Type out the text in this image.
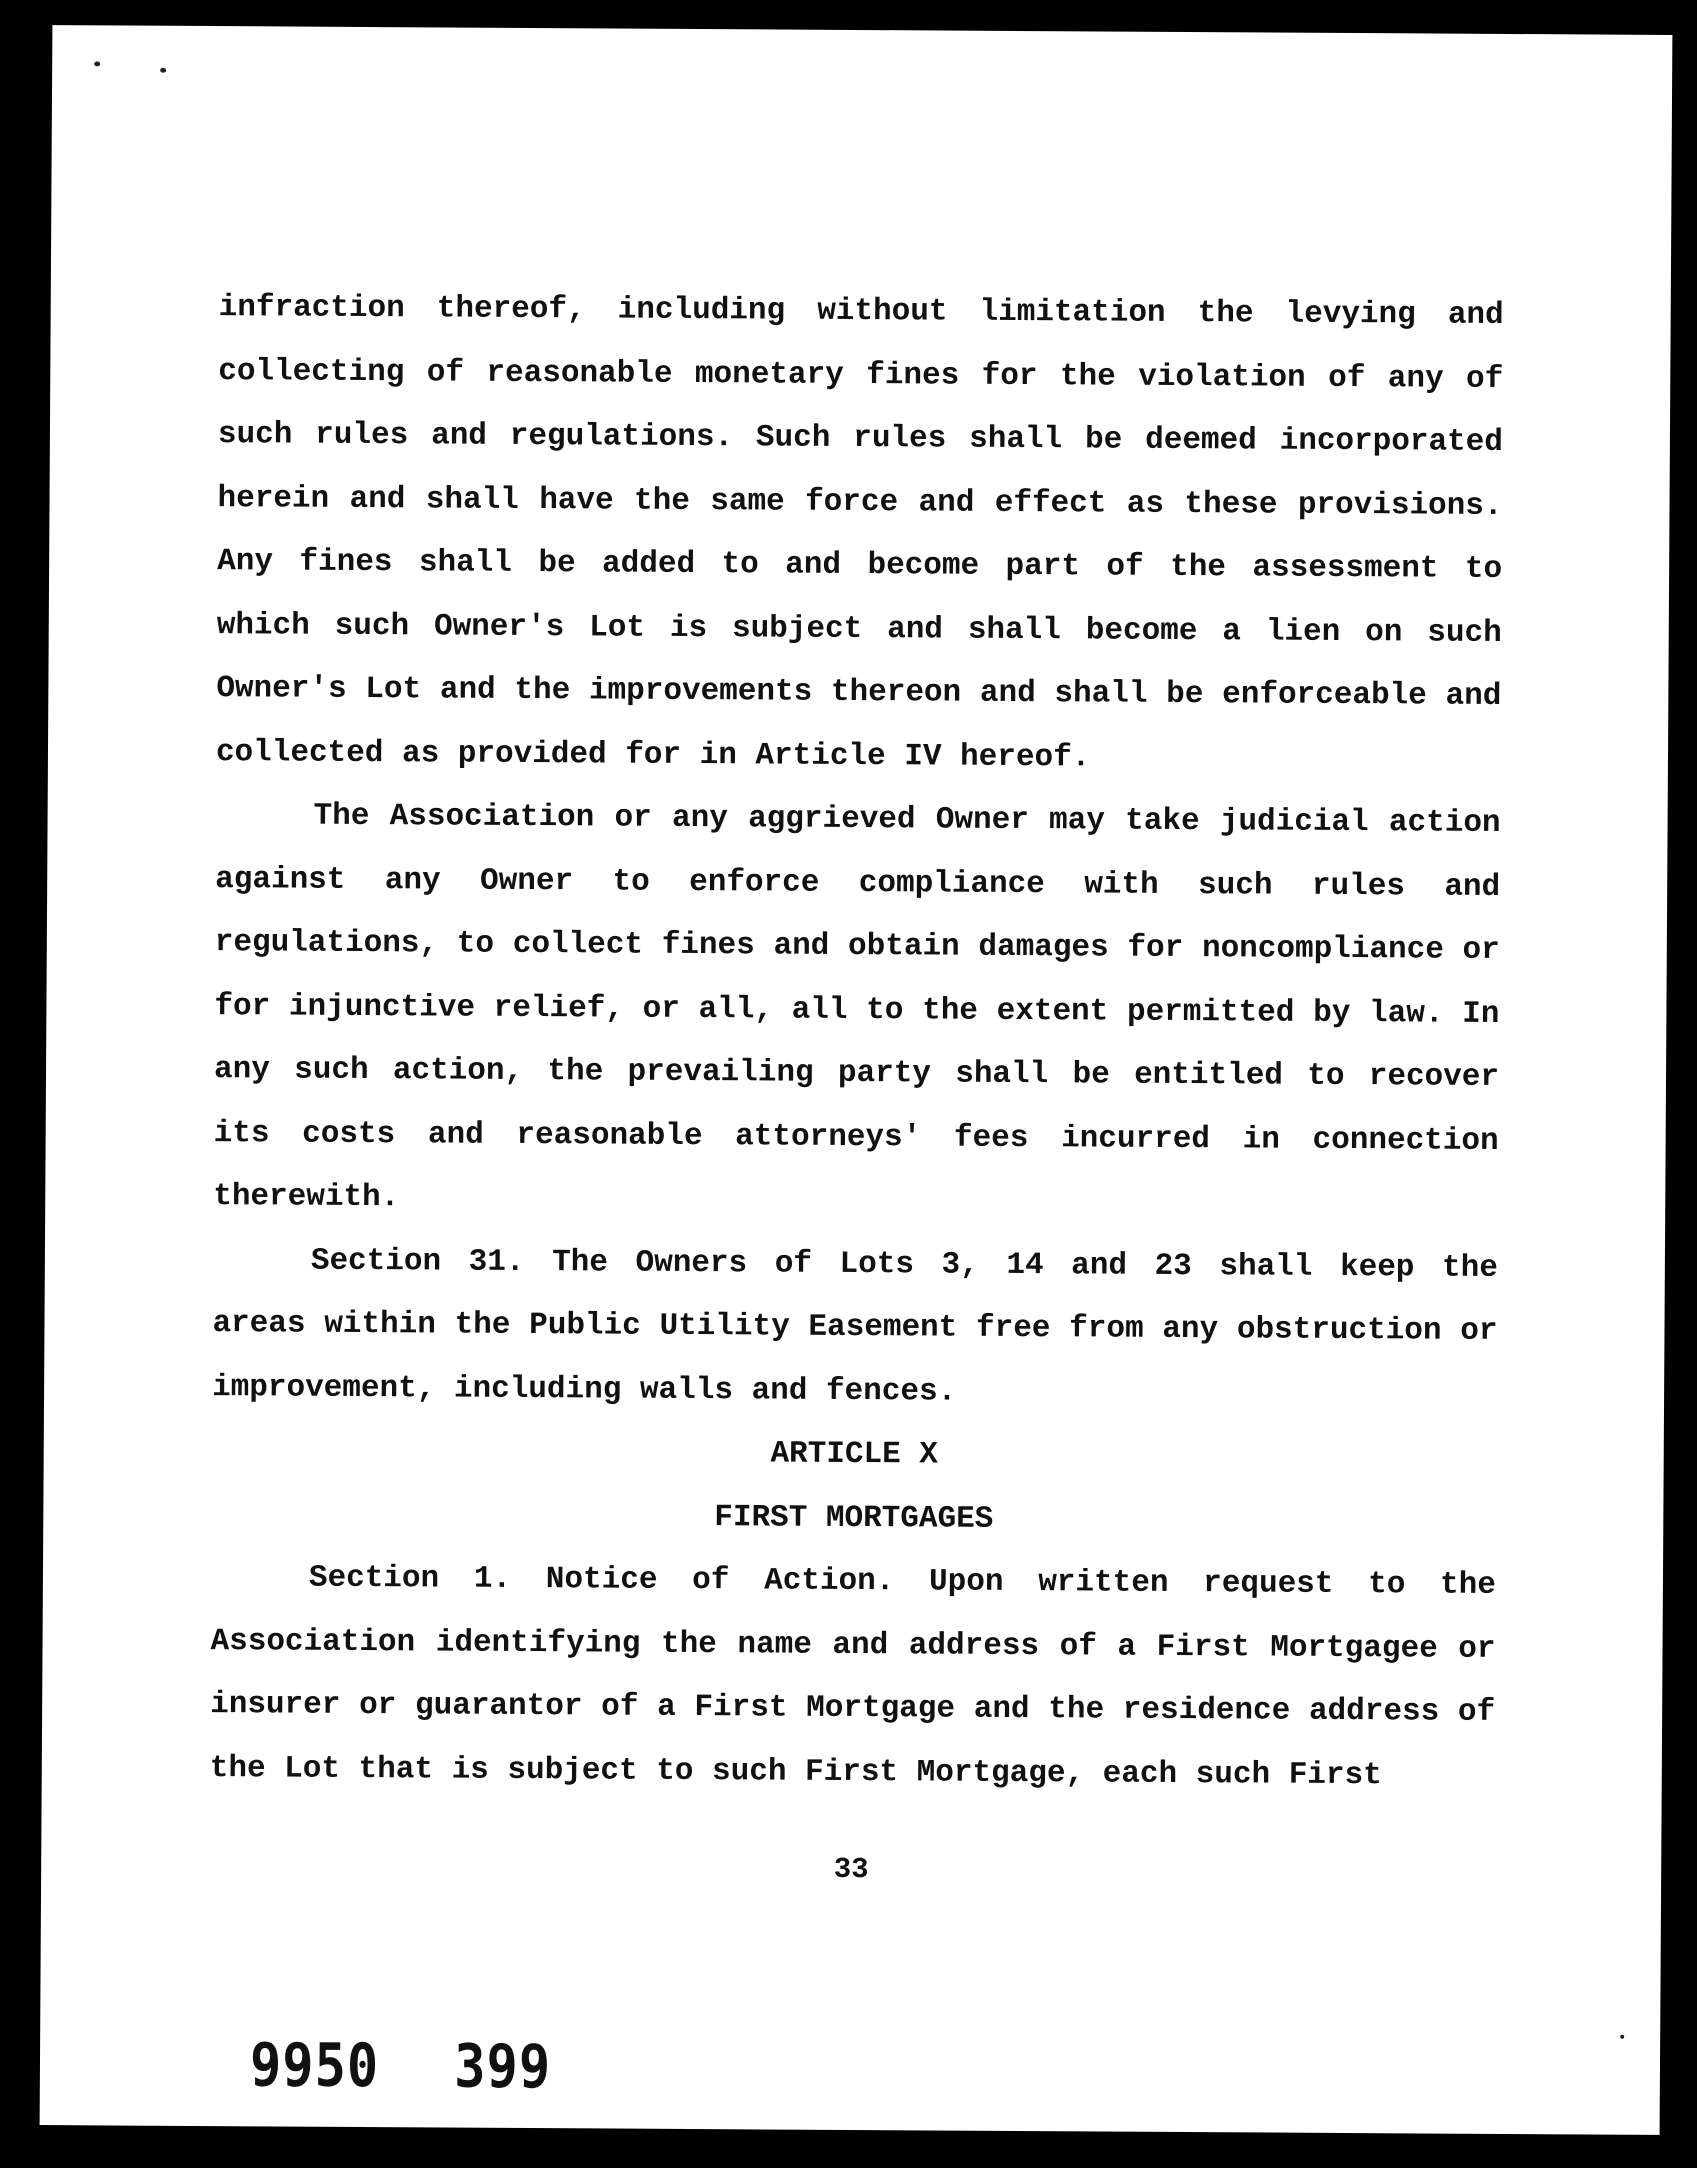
infraction thereof, including without limitation the levying and collecting of reasonable monetary fines for the violation of any of such rules and regulations. Such rules shall be deemed incorporated herein and shall have the same force and effect as these provisions. Any fines shall be added to and become part of the assessment to which such Owner's Lot is subject and shall become a lien on such Owner's Lot and the improvements thereon and shall be enforceable and collected as provided for in Article IV hereof.

The Association or any aggrieved Owner may take judicial action against any Owner to enforce compliance with such rules and regulations, to collect fines and obtain damages for noncompliance or for injunctive relief, or all, all to the extent permitted by law. In any such action, the prevailing party shall be entitled to recover its costs and reasonable attorneys' fees incurred in connection therewith.

Section 31. The Owners of Lots 3, 14 and 23 shall keep the areas within the Public Utility Easement free from any obstruction or improvement, including walls and fences.

ARTICLE X

FIRST MORTGAGES

Section 1. Notice of Action. Upon written request to the Association identifying the name and address of a First Mortgagee or insurer or guarantor of a First Mortgage and the residence address of the Lot that is subject to such First Mortgage, each such First

33
9950 399
